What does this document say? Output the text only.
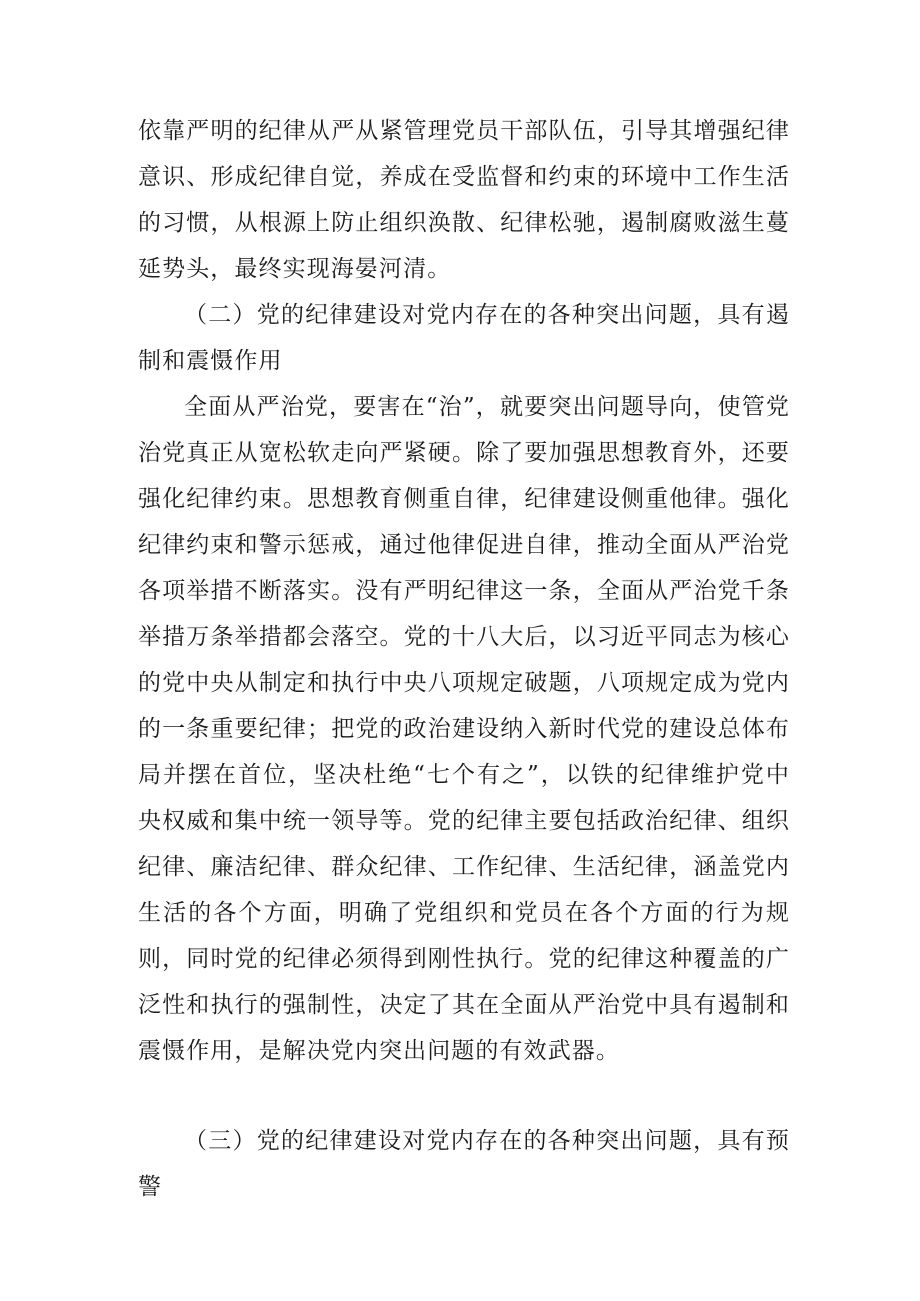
依靠严明的纪律从严从紧管理党员干部队伍，引导其增强纪律意识、形成纪律自觉，养成在受监督和约束的环境中工作生活的习惯，从根源上防止组织涣散、纪律松驰，遏制腐败滋生蔓延势头，最终实现海晏河清。

（二）党的纪律建设对党内存在的各种突出问题，具有遏制和震慑作用

全面从严治党，要害在“治”，就要突出问题导向，使管党治党真正从宽松软走向严紧硬。除了要加强思想教育外，还要强化纪律约束。思想教育侧重自律，纪律建设侧重他律。强化纪律约束和警示惩戒，通过他律促进自律，推动全面从严治党各项举措不断落实。没有严明纪律这一条，全面从严治党千条举措万条举措都会落空。党的十八大后，以习近平同志为核心的党中央从制定和执行中央八项规定破题，八项规定成为党内的一条重要纪律；把党的政治建设纳入新时代党的建设总体布局并摆在首位，坚决杜绝“七个有之”，以铁的纪律维护党中央权威和集中统一领导等。党的纪律主要包括政治纪律、组织纪律、廉洁纪律、群众纪律、工作纪律、生活纪律，涵盖党内生活的各个方面，明确了党组织和党员在各个方面的行为规则，同时党的纪律必须得到刚性执行。党的纪律这种覆盖的广泛性和执行的强制性，决定了其在全面从严治党中具有遏制和震慑作用，是解决党内突出问题的有效武器。

（三）党的纪律建设对党内存在的各种突出问题，具有预警
